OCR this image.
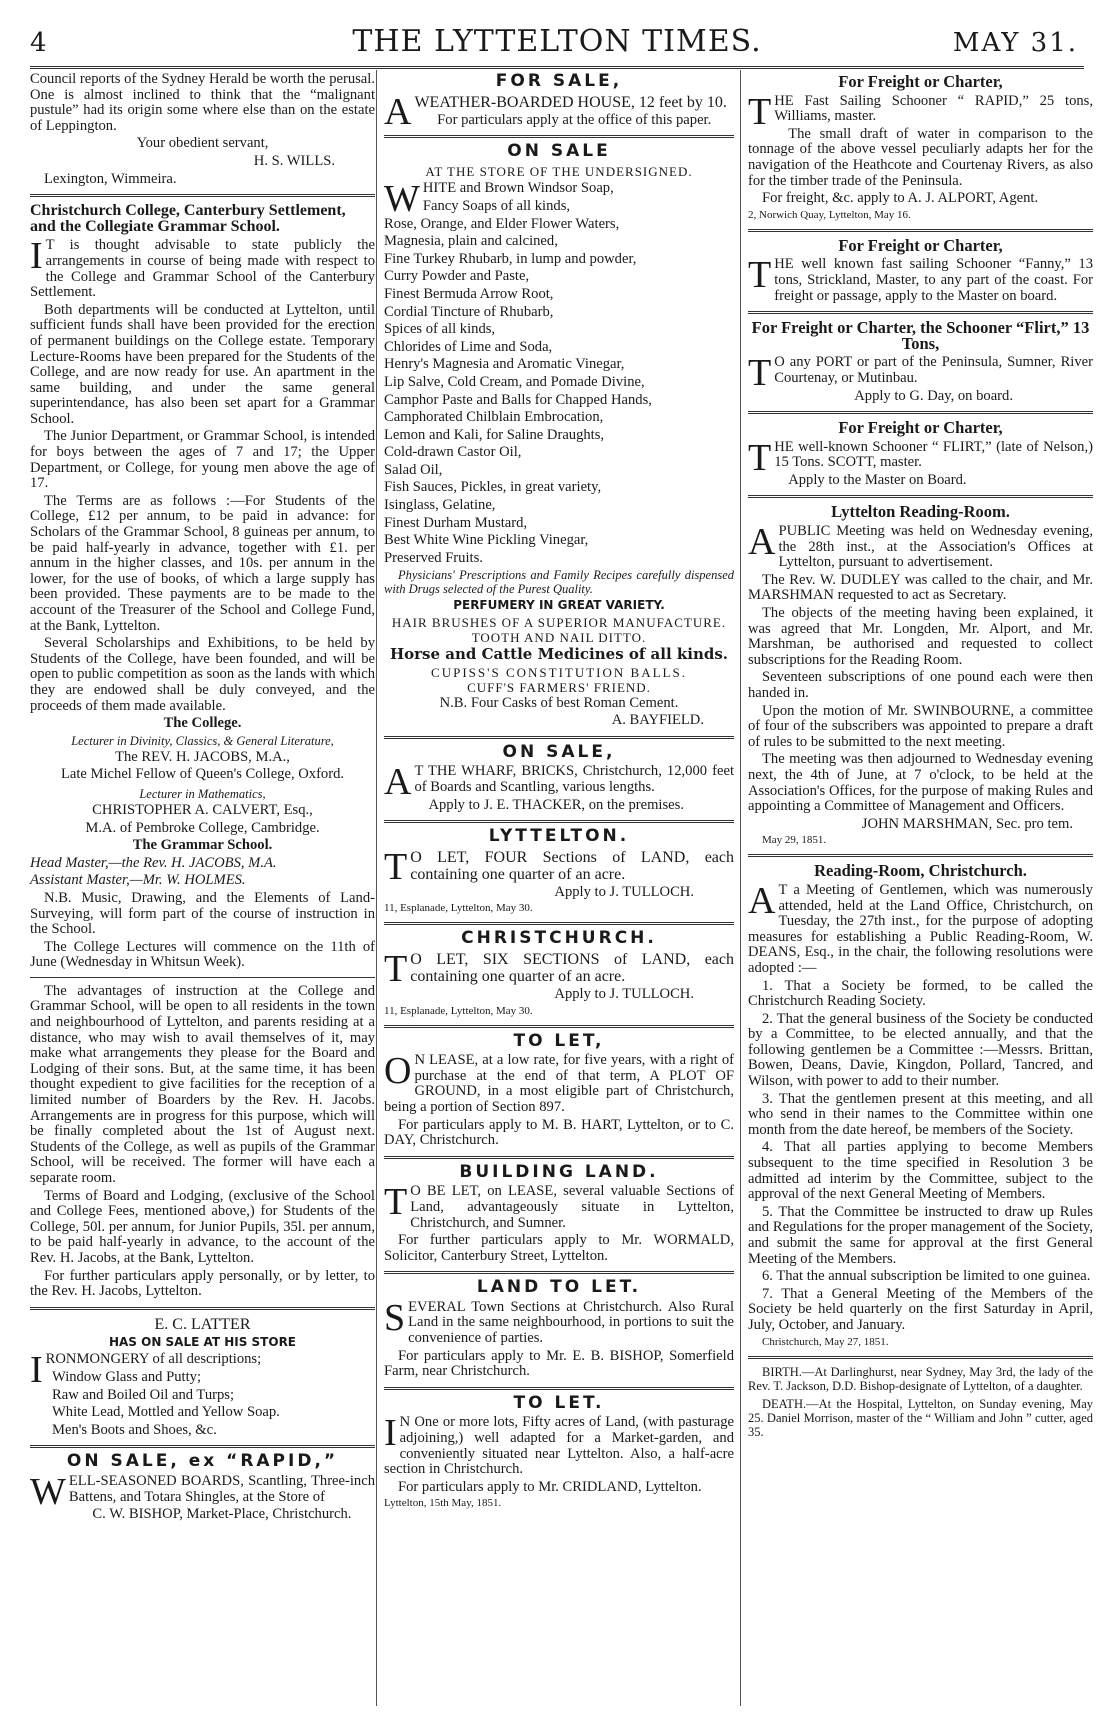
4	THE LYTTELTON TIMES.	MAY 31.

Council reports of the Sydney Herald be worth the perusal. One is almost inclined to think that the “malignant pustule” had its origin some where else than on the estate of Leppington.

Your obedient servant,

H. S. WILLS.

Lexington, Wimmeira.

Christchurch College, Canterbury Settlement, and the Collegiate Grammar School.

IT is thought advisable to state publicly the arrangements in course of being made with respect to the College and Grammar School of the Canterbury Settlement.

Both departments will be conducted at Lyttelton, until sufficient funds shall have been provided for the erection of permanent buildings on the College estate. Temporary Lecture-Rooms have been prepared for the Students of the College, and are now ready for use. An apartment in the same building, and under the same general superintendance, has also been set apart for a Grammar School.

The Junior Department, or Grammar School, is intended for boys between the ages of 7 and 17; the Upper Department, or College, for young men above the age of 17.

The Terms are as follows :—For Students of the College, £12 per annum, to be paid in advance: for Scholars of the Grammar School, 8 guineas per annum, to be paid half-yearly in advance, together with £1. per annum in the higher classes, and 10s. per annum in the lower, for the use of books, of which a large supply has been provided. These payments are to be made to the account of the Treasurer of the School and College Fund, at the Bank, Lyttelton.

Several Scholarships and Exhibitions, to be held by Students of the College, have been founded, and will be open to public competition as soon as the lands with which they are endowed shall be duly conveyed, and the proceeds of them made available.

The College.

Lecturer in Divinity, Classics, & General Literature,

The REV. H. JACOBS, M.A.,

Late Michel Fellow of Queen's College, Oxford.

Lecturer in Mathematics,

CHRISTOPHER A. CALVERT, Esq.,

M.A. of Pembroke College, Cambridge.

The Grammar School.

Head Master,—the Rev. H. JACOBS, M.A.

Assistant Master,—Mr. W. HOLMES.

N.B. Music, Drawing, and the Elements of Land-Surveying, will form part of the course of instruction in the School.

The College Lectures will commence on the 11th of June (Wednesday in Whitsun Week).

The advantages of instruction at the College and Grammar School, will be open to all residents in the town and neighbourhood of Lyttelton, and parents residing at a distance, who may wish to avail themselves of it, may make what arrangements they please for the Board and Lodging of their sons. But, at the same time, it has been thought expedient to give facilities for the reception of a limited number of Boarders by the Rev. H. Jacobs. Arrangements are in progress for this purpose, which will be finally completed about the 1st of August next. Students of the College, as well as pupils of the Grammar School, will be received. The former will have each a separate room.

Terms of Board and Lodging, (exclusive of the School and College Fees, mentioned above,) for Students of the College, 50l. per annum, for Junior Pupils, 35l. per annum, to be paid half-yearly in advance, to the account of the Rev. H. Jacobs, at the Bank, Lyttelton.

For further particulars apply personally, or by letter, to the Rev. H. Jacobs, Lyttelton.

E. C. LATTER

HAS ON SALE AT HIS STORE

IRONMONGERY of all descriptions;

Window Glass and Putty;

Raw and Boiled Oil and Turps;

White Lead, Mottled and Yellow Soap.

Men's Boots and Shoes, &c.

ON SALE, ex “RAPID,”

WELL-SEASONED BOARDS, Scantling, Three-inch Battens, and Totara Shingles, at the Store of

C. W. BISHOP, Market-Place, Christchurch.

FOR SALE,

AWEATHER-BOARDED HOUSE, 12 feet by 10.

For particulars apply at the office of this paper.

ON SALE

AT THE STORE OF THE UNDERSIGNED.

WHITE and Brown Windsor Soap,

Fancy Soaps of all kinds,

Rose, Orange, and Elder Flower Waters,

Magnesia, plain and calcined,

Fine Turkey Rhubarb, in lump and powder,

Curry Powder and Paste,

Finest Bermuda Arrow Root,

Cordial Tincture of Rhubarb,

Spices of all kinds,

Chlorides of Lime and Soda,

Henry's Magnesia and Aromatic Vinegar,

Lip Salve, Cold Cream, and Pomade Divine,

Camphor Paste and Balls for Chapped Hands,

Camphorated Chilblain Embrocation,

Lemon and Kali, for Saline Draughts,

Cold-drawn Castor Oil,

Salad Oil,

Fish Sauces, Pickles, in great variety,

Isinglass, Gelatine,

Finest Durham Mustard,

Best White Wine Pickling Vinegar,

Preserved Fruits.

Physicians' Prescriptions and Family Recipes carefully dispensed with Drugs selected of the Purest Quality.

PERFUMERY IN GREAT VARIETY.

HAIR BRUSHES OF A SUPERIOR MANUFACTURE.

TOOTH AND NAIL DITTO.

Horse and Cattle Medicines of all kinds.

CUPISS'S CONSTITUTION BALLS.

CUFF'S FARMERS' FRIEND.

N.B. Four Casks of best Roman Cement.

A. BAYFIELD.

ON SALE,

AT THE WHARF, BRICKS, Christchurch, 12,000 feet of Boards and Scantling, various lengths.

Apply to J. E. THACKER, on the premises.

LYTTELTON.

TO LET, FOUR Sections of LAND, each containing one quarter of an acre.

Apply to J. TULLOCH.

11, Esplanade, Lyttelton, May 30.

CHRISTCHURCH.

TO LET, SIX SECTIONS of LAND, each containing one quarter of an acre.

Apply to J. TULLOCH.

11, Esplanade, Lyttelton, May 30.

TO LET,

ON LEASE, at a low rate, for five years, with a right of purchase at the end of that term, A PLOT OF GROUND, in a most eligible part of Christchurch, being a portion of Section 897.

For particulars apply to M. B. HART, Lyttelton, or to C. DAY, Christchurch.

BUILDING LAND.

TO BE LET, on LEASE, several valuable Sections of Land, advantageously situate in Lyttelton, Christchurch, and Sumner.

For further particulars apply to Mr. WORMALD, Solicitor, Canterbury Street, Lyttelton.

LAND TO LET.

SEVERAL Town Sections at Christchurch. Also Rural Land in the same neighbourhood, in portions to suit the convenience of parties.

For particulars apply to Mr. E. B. BISHOP, Somerfield Farm, near Christchurch.

TO LET.

IN One or more lots, Fifty acres of Land, (with pasturage adjoining,) well adapted for a Market-garden, and conveniently situated near Lyttelton. Also, a half-acre section in Christchurch.

For particulars apply to Mr. CRIDLAND, Lyttelton.

Lyttelton, 15th May, 1851.

For Freight or Charter,

THE Fast Sailing Schooner “ RAPID,” 25 tons, Williams, master.

The small draft of water in comparison to the tonnage of the above vessel peculiarly adapts her for the navigation of the Heathcote and Courtenay Rivers, as also for the timber trade of the Peninsula.

For freight, &c. apply to A. J. ALPORT, Agent.

2, Norwich Quay, Lyttelton, May 16.

For Freight or Charter,

THE well known fast sailing Schooner “Fanny,” 13 tons, Strickland, Master, to any part of the coast. For freight or passage, apply to the Master on board.

For Freight or Charter, the Schooner “Flirt,” 13 Tons,

TO any PORT or part of the Peninsula, Sumner, River Courtenay, or Mutinbau.

Apply to G. Day, on board.

For Freight or Charter,

THE well-known Schooner “ FLIRT,” (late of Nelson,) 15 Tons. SCOTT, master.

Apply to the Master on Board.

Lyttelton Reading-Room.

APUBLIC Meeting was held on Wednesday evening, the 28th inst., at the Association's Offices at Lyttelton, pursuant to advertisement.

The Rev. W. DUDLEY was called to the chair, and Mr. MARSHMAN requested to act as Secretary.

The objects of the meeting having been explained, it was agreed that Mr. Longden, Mr. Alport, and Mr. Marshman, be authorised and requested to collect subscriptions for the Reading Room.

Seventeen subscriptions of one pound each were then handed in.

Upon the motion of Mr. SWINBOURNE, a committee of four of the subscribers was appointed to prepare a draft of rules to be submitted to the next meeting.

The meeting was then adjourned to Wednesday evening next, the 4th of June, at 7 o'clock, to be held at the Association's Offices, for the purpose of making Rules and appointing a Committee of Management and Officers.

JOHN MARSHMAN, Sec. pro tem.

May 29, 1851.

Reading-Room, Christchurch.

AT a Meeting of Gentlemen, which was numerously attended, held at the Land Office, Christchurch, on Tuesday, the 27th inst., for the purpose of adopting measures for establishing a Public Reading-Room, W. DEANS, Esq., in the chair, the following resolutions were adopted :—

1. That a Society be formed, to be called the Christchurch Reading Society.

2. That the general business of the Society be conducted by a Committee, to be elected annually, and that the following gentlemen be a Committee :—Messrs. Brittan, Bowen, Deans, Davie, Kingdon, Pollard, Tancred, and Wilson, with power to add to their number.

3. That the gentlemen present at this meeting, and all who send in their names to the Committee within one month from the date hereof, be members of the Society.

4. That all parties applying to become Members subsequent to the time specified in Resolution 3 be admitted ad interim by the Committee, subject to the approval of the next General Meeting of Members.

5. That the Committee be instructed to draw up Rules and Regulations for the proper management of the Society, and submit the same for approval at the first General Meeting of the Members.

6. That the annual subscription be limited to one guinea.

7. That a General Meeting of the Members of the Society be held quarterly on the first Saturday in April, July, October, and January.

Christchurch, May 27, 1851.

BIRTH.—At Darlinghurst, near Sydney, May 3rd, the lady of the Rev. T. Jackson, D.D. Bishop-designate of Lyttelton, of a daughter.

DEATH.—At the Hospital, Lyttelton, on Sunday evening, May 25. Daniel Morrison, master of the “ William and John ” cutter, aged 35.
